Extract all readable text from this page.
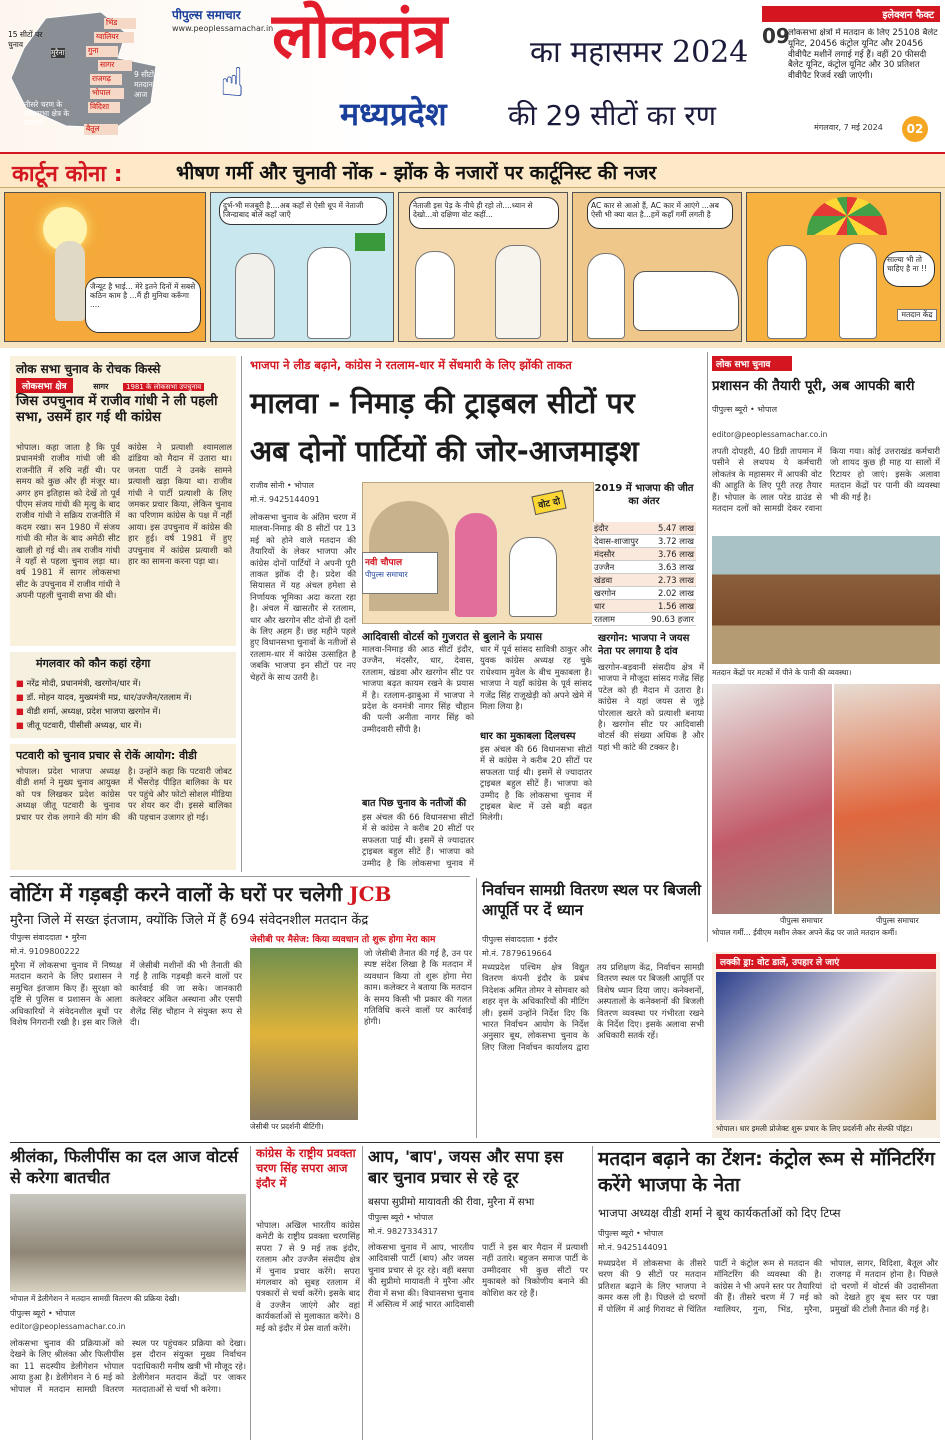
भिंड
ग्वालियर
मुरैना	गुना
सागर
राजगढ़
भोपाल
विदिशा
बैतूल
15 सीटों पर चुनाव
9 सीटों पर
मतदान
आज
तीसरे चरण के लोकसभा क्षेत्र के प्रत्याशी
पीपुल्स समाचार
www.peoplessamachar.in
☝
लोकतंत्र	का महासमर 2024
मध्यप्रदेश की 29 सीटों का रण
इलेक्शन फैक्ट
09
लोकसभा क्षेत्रों में मतदान के लिए 25108 बैलेट यूनिट, 20456 कंट्रोल यूनिट और 20456 वीवीपैट मशीनें लगाई गई हैं। वहीं 20 फीसदी बैलेट यूनिट, कंट्रोल यूनिट और 30 प्रतिशत वीवीपैट रिजर्व रखी जाएंगी।
मंगलवार, 7 मई 2024	02
कार्टून कोना :	भीषण गर्मी और चुनावी नोंक - झोंक के नजारों पर कार्टूनिस्ट की नजर
जैन्यूट है भाई... मेरे इतने दिनों में सबसे कठिन काम है ...मैं ही मुनिया करूँगा ....
दुर्भ-भी मजबूरी है....अब कहाँ से ऐसी धूप में नेताजी जिन्दाबाद बोलें कहाँ जाएँ
नेताजी इस पेड़ के नीचे ही रहो तो....ध्यान से देखो...वो दक्षिणा वोट कहीं...
AC कार से आओ हैं, AC कार में आएंगे ...अब ऐसी भी क्या बात है...हमें कहाँ गर्मी लगती है
साल्या भी तो चाहिए है ना !!
मतदान केंद्र
लोक सभा चुनाव के रोचक किस्से
लोकसभा क्षेत्र	सागर	1981 के लोकसभा उपचुनाव
जिस उपचुनाव में राजीव गांधी ने ली पहली सभा, उसमें हार गई थी कांग्रेस
भोपाल। कहा जाता है कि पूर्व प्रधानमंत्री राजीव गांधी जी की राजनीति में रुचि नहीं थी। पर समय को कुछ और ही मंजूर था। अगर हम इतिहास को देखें तो पूर्व पीएम संजय गांधी की मृत्यु के बाद राजीव गांधी ने सक्रिय राजनीति में कदम रखा। सन 1980 में संजय गांधी की मौत के बाद अमेठी सीट खाली हो गई थी। तब राजीव गांधी ने यहाँ से पहला चुनाव लड़ा था। वर्ष 1981 में सागर लोकसभा सीट के उपचुनाव में राजीव गांधी ने अपनी पहली चुनावी सभा की थी।
कांग्रेस ने प्रत्याशी श्यामलाल ढांडिया को मैदान में उतारा था। जनता पार्टी ने उनके सामने प्रत्याशी खड़ा किया था। राजीव गांधी ने पार्टी प्रत्याशी के लिए जमकर प्रचार किया, लेकिन चुनाव का परिणाम कांग्रेस के पक्ष में नहीं आया। इस उपचुनाव में कांग्रेस की हार हुई। वर्ष 1981 में हुए उपचुनाव में कांग्रेस प्रत्याशी को हार का सामना करना पड़ा था।
मंगलवार को कौन कहां रहेगा
■ नरेंद्र मोदी, प्रधानमंत्री, खरगोन/धार में।
■ डॉ. मोहन यादव, मुख्यमंत्री मप्र, धार/उज्जैन/रतलाम में।
■ वीडी शर्मा, अध्यक्ष, प्रदेश भाजपा खरगोन में।
■ जीतू पटवारी, पीसीसी अध्यक्ष, धार में।
पटवारी को चुनाव प्रचार से रोकें आयोग: वीडी
भोपाल। प्रदेश भाजपा अध्यक्ष वीडी शर्मा ने मुख्य चुनाव आयुक्त को पत्र लिखकर प्रदेश कांग्रेस अध्यक्ष जीतू पटवारी के चुनाव प्रचार पर रोक लगाने की मांग की है। उन्होंने कहा कि पटवारी जोबट में भैंसरोड़ पीड़ित बालिका के घर पर पहुंचे और फोटो सोशल मीडिया पर शेयर कर दी। इससे बालिका की पहचान उजागर हो गई।
भाजपा ने लीड बढ़ाने, कांग्रेस ने रतलाम-धार में सेंधमारी के लिए झोंकी ताकत
मालवा - निमाड़ की ट्राइबल सीटों पर
अब दोनों पार्टियों की जोर-आजमाइश
राजीव सोनी • भोपाल
मो.नं. 9425144091
लोकसभा चुनाव के अंतिम चरण में मालवा-निमाड़ की 8 सीटों पर 13 मई को होने वाले मतदान की तैयारियों के लेकर भाजपा और कांग्रेस दोनों पार्टियों ने अपनी पूरी ताकत झोंक दी है। प्रदेश की सियासत में यह अंचल हमेशा से निर्णायक भूमिका अदा करता रहा है। अंचल में खासतौर से रतलाम, धार और खरगोन सीट दोनों ही दलों के लिए अहम हैं। छह महीने पहले हुए विधानसभा चुनावों के नतीजों से रतलाम-धार में कांग्रेस उत्साहित है जबकि भाजपा इन सीटों पर नए चेहरों के साथ उतरी है।
वोट दो
नवी चौपाल
पीपुल्स समाचार
2019 में भाजपा की जीत का अंतर
इंदौर	5.47 लाख
देवास-शाजापुर	3.72 लाख
मंदसौर	3.76 लाख
उज्जैन	3.63 लाख
खंडवा	2.73 लाख
खरगोन	2.02 लाख
धार	1.56 लाख
रतलाम	90.63 हजार
आदिवासी वोटर्स को गुजरात से बुलाने के प्रयास
मालवा-निमाड़ की आठ सीटों इंदौर, उज्जैन, मंदसौर, धार, देवास, रतलाम, खंडवा और खरगोन सीट पर भाजपा बढ़त कायम रखने के प्रयास में है। रतलाम-झाबुआ में भाजपा ने प्रदेश के वनमंत्री नागर सिंह चौहान की पत्नी अनीता नागर सिंह को उम्मीदवारी सौंपी है।
धार में पूर्व सांसद सावित्री ठाकुर और युवक कांग्रेस अध्यक्ष रह चुके राधेश्याम मुवेल के बीच मुकाबला है। भाजपा ने यहाँ कांग्रेस के पूर्व सांसद गजेंद्र सिंह राजूखेड़ी को अपने खेमे में मिला लिया है।
धार का मुकाबला दिलचस्प
इस अंचल की 66 विधानसभा सीटों में से कांग्रेस ने करीब 20 सीटों पर सफलता पाई थी। इसमें से ज्यादातर ट्राइबल बहुल सीटें हैं। भाजपा को उम्मीद है कि लोकसभा चुनाव में ट्राइबल बेल्ट में उसे बड़ी बढ़त मिलेगी।
बात पिछ चुनाव के नतीजों की
इस अंचल की 66 विधानसभा सीटों में से कांग्रेस ने करीब 20 सीटों पर सफलता पाई थी। इसमें से ज्यादातर ट्राइबल बहुल सीटें हैं। भाजपा को उम्मीद है कि लोकसभा चुनाव में
खरगोन: भाजपा ने जयस नेता पर लगाया है दांव
खरगोन-बड़वानी संसदीय क्षेत्र में भाजपा ने मौजूदा सांसद गजेंद्र सिंह पटेल को ही मैदान में उतारा है। कांग्रेस ने यहां जयस से जुड़े पोरलाल खरते को प्रत्याशी बनाया है। खरगोन सीट पर आदिवासी वोटर्स की संख्या अधिक है और यहां भी कांटे की टक्कर है।
लोक सभा चुनाव
प्रशासन की तैयारी पूरी, अब आपकी बारी
पीपुल्स ब्यूरो • भोपाल
editor@peoplessamachar.co.in
तपती दोपहरी, 40 डिग्री तापमान में पसीने से लथपथ ये कर्मचारी लोकतंत्र के महासमर में आपकी वोट की आहुति के लिए पूरी तरह तैयार हैं। भोपाल के लाल परेड ग्राउंड से मतदान दलों को सामग्री देकर रवाना किया गया। कोई उत्तराखंड कर्मचारी जो शायद कुछ ही माह या सालों में रिटायर हो जाएं। इसके अलावा मतदान केंद्रों पर पानी की व्यवस्था भी की गई है।
मतदान केंद्रों पर मटकों में पीने के पानी की व्यवस्था।
पीपुल्स समाचार	पीपुल्स समाचार
भोपाल गर्मी... ईवीएम मशीन लेकर अपने केंद्र पर जाते मतदान कर्मी।
वोटिंग में गड़बड़ी करने वालों के घरों पर चलेगी JCB
मुरैना जिले में सख्त इंतजाम, क्योंकि जिले में हैं 694 संवेदनशील मतदान केंद्र
पीपुल्स संवाददाता • मुरैना
मो.नं. 9109800222
मुरैना में लोकसभा चुनाव में निष्पक्ष मतदान कराने के लिए प्रशासन ने समुचित इंतजाम किए हैं। सुरक्षा को दृष्टि से पुलिस व प्रशासन के आला अधिकारियों ने संवेदनशील बूथों पर विशेष निगरानी रखी है। इस बार जिले में जेसीबी मशीनों की भी तैनाती की गई है ताकि गड़बड़ी करने वालों पर कार्रवाई की जा सके। जानकारी कलेक्टर अंकित अस्थाना और एसपी शैलेंद्र सिंह चौहान ने संयुक्त रूप से दी।
जेसीबी पर मैसेज: किया व्यवधान तो शुरू होगा मेरा काम
जेसीबी पर प्रदर्शनी बीटिंगी।
जो जेसीबी तैनात की गई है, उन पर स्पष्ट संदेश लिखा है कि मतदान में व्यवधान किया तो शुरू होगा मेरा काम। कलेक्टर ने बताया कि मतदान के समय किसी भी प्रकार की गलत गतिविधि करने वालों पर कार्रवाई होगी।
निर्वाचन सामग्री वितरण स्थल पर बिजली आपूर्ति पर दें ध्यान
पीपुल्स संवाददाता • इंदौर
मो.नं. 7879619664
मध्यप्रदेश पश्चिम क्षेत्र विद्युत वितरण कंपनी इंदौर के प्रबंध निदेशक अमित तोमर ने सोमवार को शहर वृत्त के अधिकारियों की मीटिंग ली। इसमें उन्होंने निर्देश दिए कि भारत निर्वाचन आयोग के निर्देश अनुसार बूथ, लोकसभा चुनाव के लिए जिला निर्वाचन कार्यालय द्वारा तय प्रशिक्षण केंद्र, निर्वाचन सामग्री वितरण स्थल पर बिजली आपूर्ति पर विशेष ध्यान दिया जाए। कनेक्शनों, अस्पतालों के कनेक्शनों की बिजली वितरण व्यवस्था पर गंभीरता रखने के निर्देश दिए। इसके अलावा सभी अधिकारी सतर्क रहें।
लक्की ड्रा: वोट डालें, उपहार ले जाएं
भोपाल। धार इमली प्रोजेक्ट शुरू प्रचार के लिए प्रदर्शनी और सेल्फी पॉइंट।
श्रीलंका, फिलीपींस का दल आज वोटर्स से करेगा बातचीत
भोपाल में डेलीगेशन ने मतदान सामग्री वितरण की प्रक्रिया देखी।
पीपुल्स ब्यूरो • भोपाल
editor@peoplessamachar.co.in
लोकसभा चुनाव की प्रक्रियाओं को देखने के लिए श्रीलंका और फिलीपींस का 11 सदस्यीय डेलीगेशन भोपाल आया हुआ है। डेलीगेशन ने 6 मई को भोपाल में मतदान सामग्री वितरण स्थल पर पहुंचकर प्रक्रिया को देखा। इस दौरान संयुक्त मुख्य निर्वाचन पदाधिकारी मनीष खत्री भी मौजूद रहे। डेलीगेशन मतदान केंद्रों पर जाकर मतदाताओं से चर्चा भी करेगा।
कांग्रेस के राष्ट्रीय प्रवक्ता चरण सिंह सपरा आज इंदौर में
भोपाल। अखिल भारतीय कांग्रेस कमेटी के राष्ट्रीय प्रवक्ता चरणसिंह सपरा 7 से 9 मई तक इंदौर, रतलाम और उज्जैन संसदीय क्षेत्र में चुनाव प्रचार करेंगे। सपरा मंगलवार को सुबह रतलाम में पत्रकारों से चर्चा करेंगे। इसके बाद वे उज्जैन जाएंगे और वहां कार्यकर्ताओं से मुलाकात करेंगे। 8 मई को इंदौर में प्रेस वार्ता करेंगे।
आप, 'बाप', जयस और सपा इस बार चुनाव प्रचार से रहे दूर
बसपा सुप्रीमो मायावती की रीवा, मुरैना में सभा
पीपुल्स ब्यूरो • भोपाल
मो.नं. 9827334317
लोकसभा चुनाव में आप, भारतीय आदिवासी पार्टी (बाप) और जयस चुनाव प्रचार से दूर रहे। वहीं बसपा की सुप्रीमो मायावती ने मुरैना और रीवा में सभा की। विधानसभा चुनाव में अस्तित्व में आई भारत आदिवासी पार्टी ने इस बार मैदान में प्रत्याशी नहीं उतारे। बहुजन समाज पार्टी के उम्मीदवार भी कुछ सीटों पर मुकाबले को त्रिकोणीय बनाने की कोशिश कर रहे हैं।
मतदान बढ़ाने का टेंशन: कंट्रोल रूम से मॉनिटरिंग करेंगे भाजपा के नेता
भाजपा अध्यक्ष वीडी शर्मा ने बूथ कार्यकर्ताओं को दिए टिप्स
पीपुल्स ब्यूरो • भोपाल
मो.नं. 9425144091
मध्यप्रदेश में लोकसभा के तीसरे चरण की 9 सीटों पर मतदान प्रतिशत बढ़ाने के लिए भाजपा ने कमर कस ली है। पिछले दो चरणों में पोलिंग में आई गिरावट से चिंतित पार्टी ने कंट्रोल रूम से मतदान की मॉनिटरिंग की व्यवस्था की है। कांग्रेस ने भी अपने स्तर पर तैयारियां की हैं। तीसरे चरण में 7 मई को ग्वालियर, गुना, भिंड, मुरैना, भोपाल, सागर, विदिशा, बैतूल और राजगढ़ में मतदान होना है। पिछले दो चरणों में वोटर्स की उदासीनता को देखते हुए बूथ स्तर पर पन्ना प्रमुखों की टोली तैनात की गई है।
